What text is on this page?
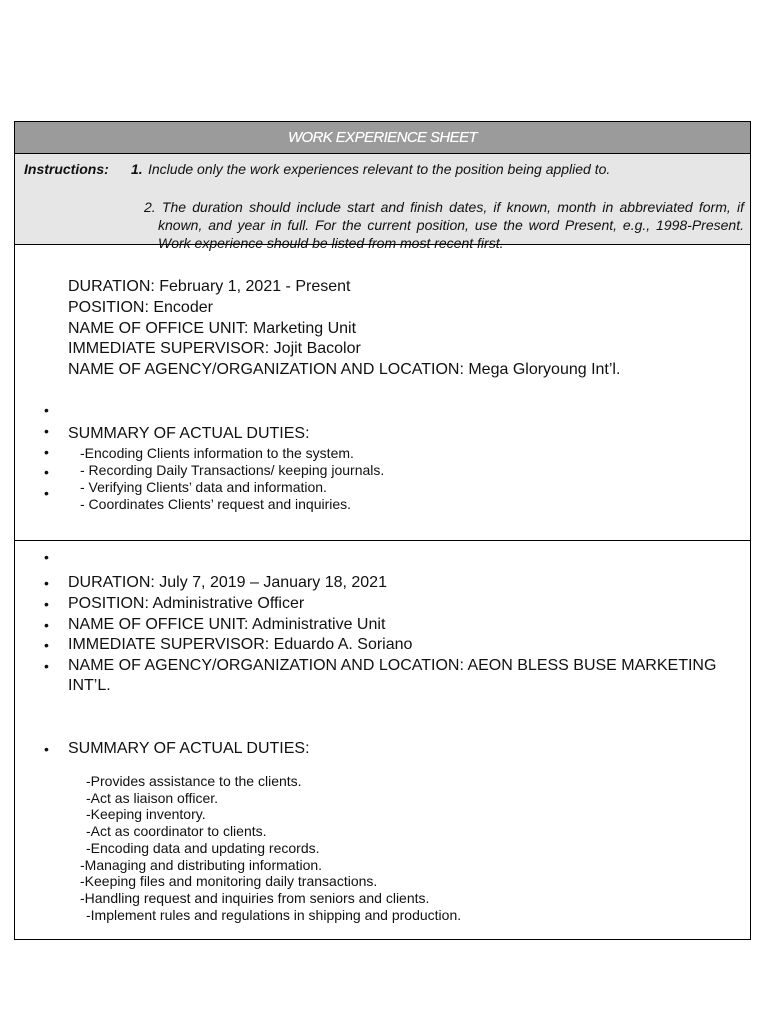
WORK EXPERIENCE SHEET
Instructions: 1. Include only the work experiences relevant to the position being applied to.
2. The duration should include start and finish dates, if known, month in abbreviated form, if known, and year in full. For the current position, use the word Present, e.g., 1998-Present. Work experience should be listed from most recent first.
•
•
•
•
•
•
DURATION: February 1, 2021 - Present
POSITION: Encoder
NAME OF OFFICE UNIT: Marketing Unit
IMMEDIATE SUPERVISOR: Jojit Bacolor
NAME OF AGENCY/ORGANIZATION AND LOCATION: Mega Gloryoung Int’l.
SUMMARY OF ACTUAL DUTIES:
-Encoding Clients information to the system.
- Recording Daily Transactions/ keeping journals.
- Verifying Clients’ data and information.
- Coordinates Clients’ request and inquiries.
•
•
•
•
•
•
DURATION: July 7, 2019 – January 18, 2021
POSITION: Administrative Officer
NAME OF OFFICE UNIT: Administrative Unit
IMMEDIATE SUPERVISOR: Eduardo A. Soriano
NAME OF AGENCY/ORGANIZATION AND LOCATION: AEON BLESS BUSE MARKETING INT’L.
SUMMARY OF ACTUAL DUTIES:
-Provides assistance to the clients.
-Act as liaison officer.
-Keeping inventory.
-Act as coordinator to clients.
-Encoding data and updating records.
-Managing and distributing information.
-Keeping files and monitoring daily transactions.
-Handling request and inquiries from seniors and clients.
-Implement rules and regulations in shipping and production.
